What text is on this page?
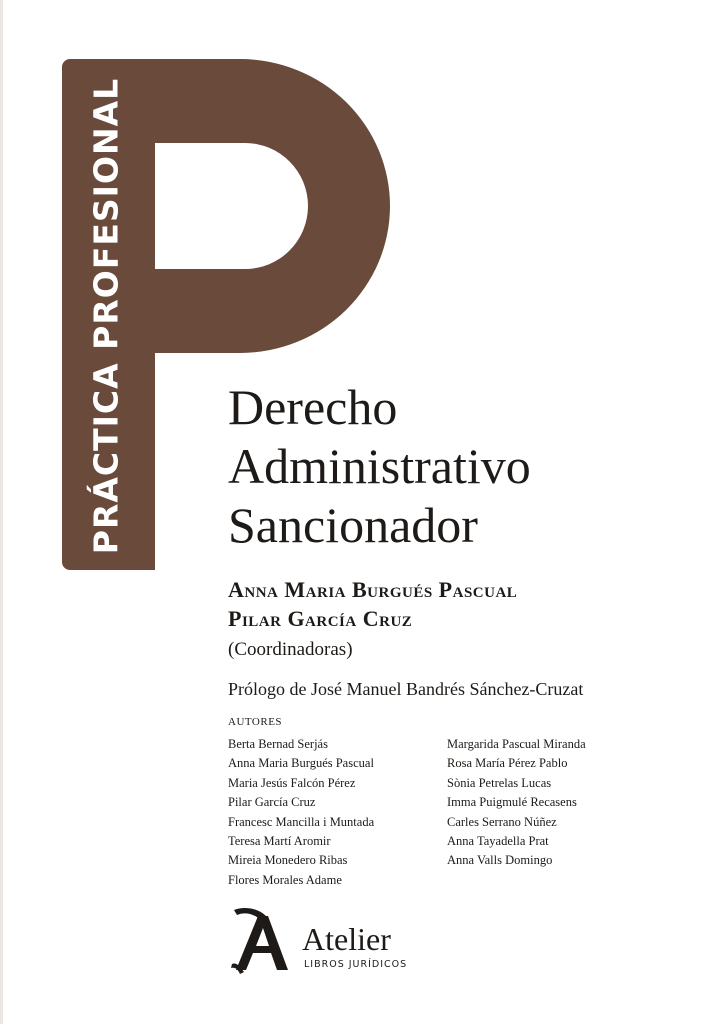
PRÁCTICA PROFESIONAL Derecho
Administrativo
Sancionador
Anna Maria Burgués Pascual
Pilar García Cruz
(Coordinadoras)
Prólogo de José Manuel Bandrés Sánchez-Cruzat
AUTORES
Berta Bernad Serjás
Anna Maria Burgués Pascual
Maria Jesús Falcón Pérez
Pilar García Cruz
Francesc Mancilla i Muntada
Teresa Martí Aromir
Mireia Monedero Ribas
Flores Morales Adame
Margarida Pascual Miranda
Rosa María Pérez Pablo
Sònia Petrelas Lucas
Imma Puigmulé Recasens
Carles Serrano Núñez
Anna Tayadella Prat
Anna Valls Domingo
Atelier
LIBROS JURÍDICOS
